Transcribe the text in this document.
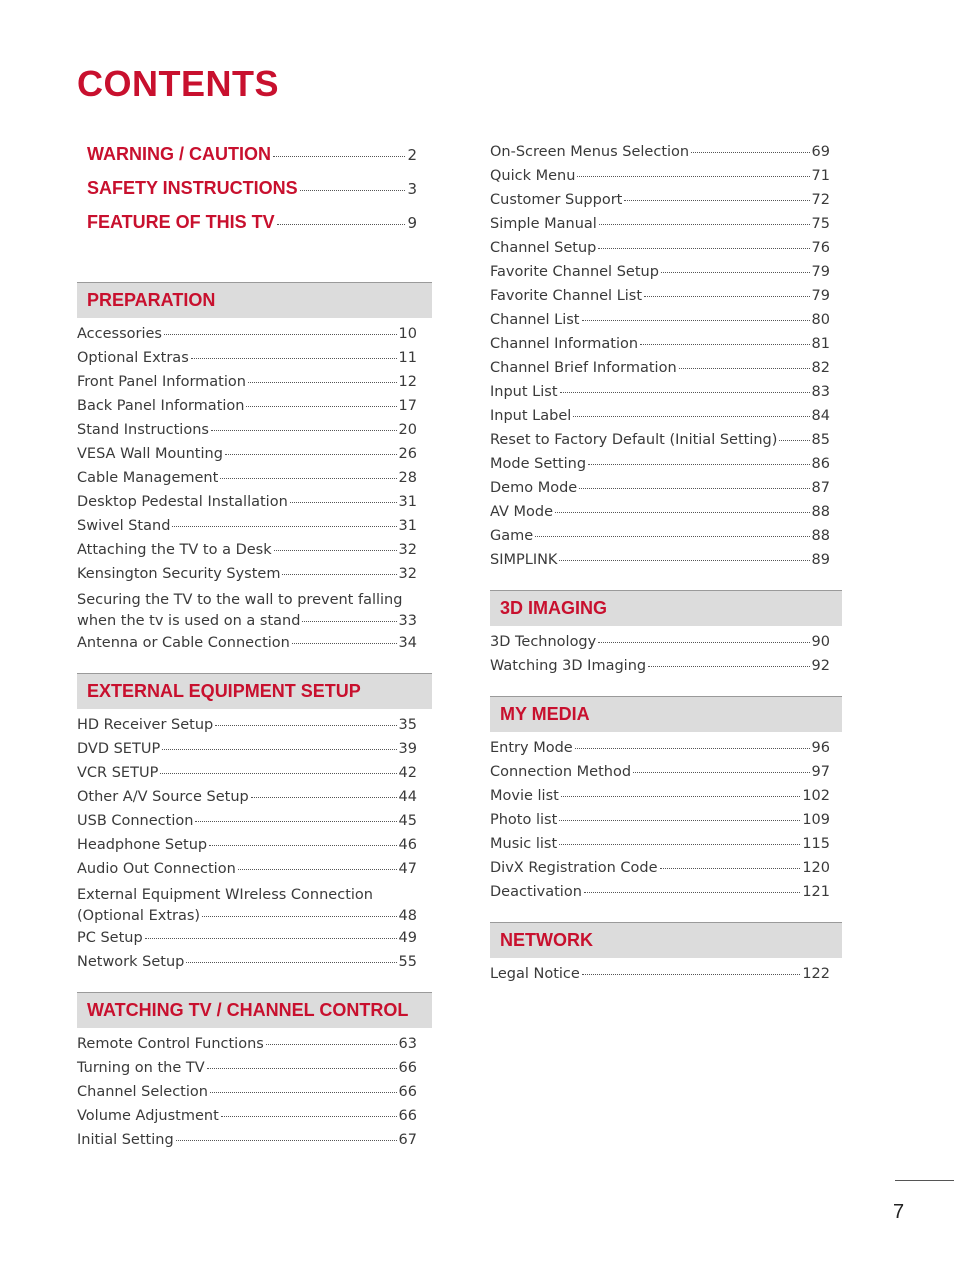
CONTENTS
WARNING / CAUTION	2
SAFETY INSTRUCTIONS	3
FEATURE OF THIS TV	9
PREPARATION
Accessories	10
Optional Extras	11
Front Panel Information	12
Back Panel Information	17
Stand Instructions	20
VESA Wall Mounting	26
Cable Management	28
Desktop Pedestal Installation	31
Swivel Stand	31
Attaching the TV to a Desk	32
Kensington Security System	32
Securing the TV to the wall to prevent falling
when the tv is used on a stand	33
Antenna or Cable Connection	34
EXTERNAL EQUIPMENT SETUP
HD Receiver Setup	35
DVD SETUP	39
VCR SETUP	42
Other A/V Source Setup	44
USB Connection	45
Headphone Setup	46
Audio Out Connection	47
External Equipment WIreless Connection
(Optional Extras)	48
PC Setup	49
Network Setup	55
WATCHING TV / CHANNEL CONTROL
Remote Control Functions	63
Turning on the TV	66
Channel Selection	66
Volume Adjustment	66
Initial Setting	67
On-Screen Menus Selection	69
Quick Menu	71
Customer Support	72
Simple Manual	75
Channel Setup	76
Favorite Channel Setup	79
Favorite Channel List	79
Channel List	80
Channel Information	81
Channel Brief Information	82
Input List	83
Input Label	84
Reset to Factory Default (Initial Setting) 85
Mode Setting	86
Demo Mode	87
AV Mode	88
Game	88
SIMPLINK	89
3D IMAGING
3D Technology	90
Watching 3D Imaging	92
MY MEDIA
Entry Mode	96
Connection Method	97
Movie list	102
Photo list	109
Music list	115
DivX Registration Code	120
Deactivation	121
NETWORK
Legal Notice	122
7
